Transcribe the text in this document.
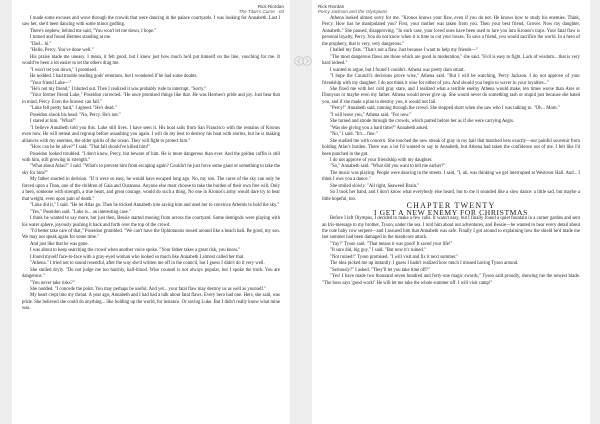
Rick Riordan
The Titan's Curse - 03

I made some excuses and wove through the crowds that were dancing in the palace courtyards. I was looking for Annabeth. Last I saw her, she'd been dancing with some minor godling.

There's nephew, behind me said, "You won't let me down, I hope."

I turned and found Hermes standing at me.

"Dad... hi."

"Hello, Percy. You've done well."

His praise made me uneasy. I mean, it felt good, but I knew just how much he'd put himself on the line, vouching for me. It would've been a lot easier to let the others drag me.

"I won't let you down," I promised.

He nodded. I had trouble reading gods' emotions, but I wondered if he had some doubts.

"Your friend Luke—"

"He's not my friend," I blurted out. Then I realized it was probably rude to interrupt. "Sorry."

"Your former friend Luke," Poseidon corrected. "He once promised things like that. He was Hermes's pride and joy. Just bear that in mind, Percy. Even the bravest can fall."

"Luke fell pretty hard," I agreed. "He's dead."

Poseidon shook his head. "No, Percy. He's not."

I stared at him. "What?"

"I believe Annabeth told you this. Luke still lives. I have seen it. His boat sails from San Francisco with the remains of Kronos even now. He will retreat and regroup before assaulting you again. I will do my best to destroy his boat with storms, but he is making alliances with my enemies, the older spirits of the ocean. They will fight to protect him."

"How can he be alive?" I said. "That fall should've killed him!"

Poseidon looked troubled. "I don't know, Percy, but beware of him. He is more dangerous than ever. And the golden coffin is still with him, still growing in strength."

"What about Atlas?" I said. "What's to prevent him from escaping again? Couldn't he just force some giant or something to take the sky for him?"

My father snorted in derision. "If it were so easy, he would have escaped long ago. No, my son. The curse of the sky can only be forced upon a Titan, one of the children of Gaia and Ouranous. Anyone else must choose to take the burden of their own free will. Only a hero, someone with strength, a true heart, and great courage, would do such a thing. No one in Kronos's army would dare try to bear that weight, even upon pain of death."

"Luke did it," I said. "He let Atlas go. Then he tricked Annabeth into saving him and used her to convince Artemis to hold the sky."

"Yes," Poseidon said. "Luke is... an interesting case."

I think he wanted to say more, but just then, Bessie started mooing from across the courtyard. Some demigods were playing with his water sphere, joyously pushing it back and forth over the top of the crowd.

"I'd better take care of that," Poseidon grumbled. "We can't have the Ophiotaurus tossed around like a beach ball. Be good, my son. We may not speak again for some time."

And just like that he was gone.

I was about to keep searching the crowd when another voice spoke. "Your father takes a great risk, you know."

I found myself face-to-face with a gray-eyed woman who looked so much like Annabeth I almost called her that.

"Athena." I tried not to sound resentful, after the way she'd written me off in the council, but I guess I didn't do it very well.

She smiled dryly. "Do not judge me too harshly, half-blood. Wise counsel is not always popular, but I spoke the truth. You are dangerous."

"You never take risks?"

She nodded. "I concede the point. You may perhaps be useful. And yet... your fatal flaw may destroy us as well as yourself."

My heart crept into my throat. A year ago, Annabeth and I had had a talk about fatal flaws. Every hero had one. Hers, she said, was pride. She believed she could do anything... like holding up the world, for instance. Or saving Luke. But I didn't really know what mine was.

Rick Riordan
Percy Jackson and the Olympians

Athena looked almost sorry for me. "Kronos knows your flaw, even if you do not. He knows how to study his enemies. Think, Percy. How has he manipulated you? First, your mother was taken from you. Then your best friend, Grover. Now my daughter, Annabeth." She paused, disapproving. "In each case, your loved ones have been used to lure you into Kronos's traps. Your fatal flaw is personal loyalty, Percy. You do not know when it is time to cut your losses. To save a friend, you would sacrifice the world. In a hero of the prophecy, that is very, very dangerous."

I balled my fists. "That's not a flaw. Just because I want to help my friends—"

"The most dangerous flaws are those which are good in moderation," she said. "Evil is easy to fight. Lack of wisdom... that is very hard indeed."

I wanted to argue, but I found I couldn't. Athena was pretty darn smart.

"I hope the Council's decisions prove wise," Athena said. "But I will be watching, Percy Jackson. I do not approve of your friendship with my daughter. I do not think it wise for either of you. And should you begin to waver in your loyalties..."

She fixed me with her cold gray stare, and I realized what a terrible enemy Athena would make, ten times worse than Ares or Dionysus or maybe even my father. Athena would never give up. She would never do something rash or stupid just because she hated you, and if she made a plan to destroy you, it would not fail.

"Percy!" Annabeth said, running through the crowd. She stopped short when she saw who I was talking to. "Oh... Mom."

"I will leave you," Athena said. "For now."

She turned and strode through the crowds, which parted before her as if she were carrying Aegis.

"Was she giving you a hard time?" Annabeth asked.

"No," I said. "It's... fine."

She studied me with concern. She touched the new streak of gray in my hair that matched hers exactly—our painful souvenir from holding Atlas's burden. There was a lot I'd wanted to say to Annabeth, but Athena had taken the confidence out of me. I felt like I'd been punched in the gut.

I do not approve of your friendship with my daughter.

"So," Annabeth said. "What did you want to tell me earlier?"

The music was playing. People were dancing in the streets. I said, "I, uh, was thinking we got interrupted at Westover Hall. And... I think I owe you a dance."

She smiled slowly. "All right, Seaweed Brain."

So I took her hand, and I don't know what everybody else heard, but to me it sounded like a slow dance: a little sad, but maybe a little hopeful, too.

CHAPTER TWENTY

I GET A NEW ENEMY FOR CHRISTMAS

Before I left Olympus, I decided to make a few calls. It wasn't easy, but I finally found a quiet fountain in a corner garden and sent an Iris-message to my brother, Tyson, under the sea. I told him about our adventures, and Bessie—he wanted to hear every detail about the cute baby cow serpent—and I assured him that Annabeth was safe. Finally I got around to explaining how the shield he'd made me last summer had been damaged in the manticore attack.

"Yay!" Tyson said. "That means it was good! It saved your life!"

"It sure did, big guy," I said. "But now it's ruined."

"Not ruined!" Tyson promised. "I will visit and fix it next summer."

The idea picked me up instantly. I guess I hadn't realized how much I missed having Tyson around.

"Seriously?" I asked. "They'll let you take time off?"

"Yes! I have made two thousand seven hundred and forty-one magic swords," Tyson said proudly, showing me the newest blade. "The boss says 'good work!' He will let me take the whole summer off. I will visit camp!"
